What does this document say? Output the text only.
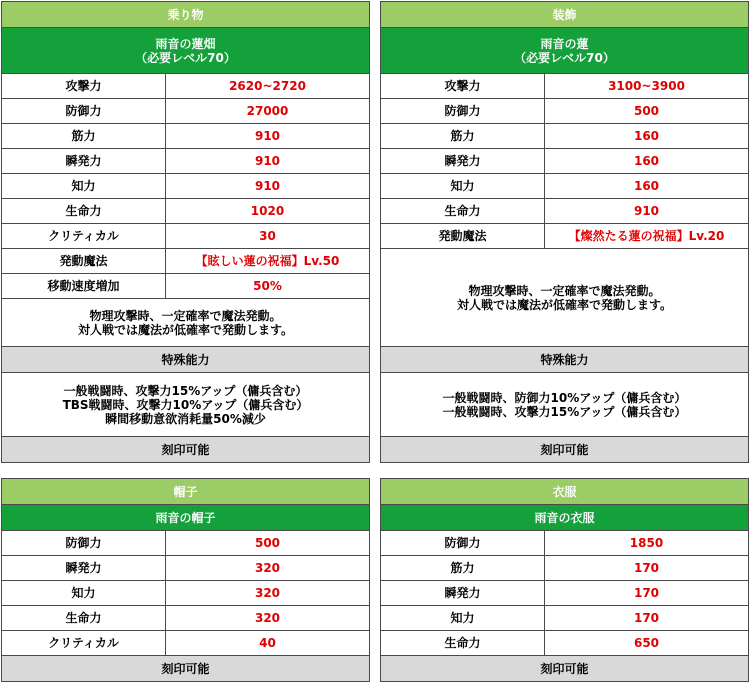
乗り物	

雨音の蓮畑
（必要レベル70）	

攻撃力	2620~2720
防御力	27000
筋力	910
瞬発力	910
知力	910
生命力	1020
クリティカル	30
発動魔法	【眩しい蓮の祝福】Lv.50
移動速度増加	50%

物理攻撃時、一定確率で魔法発動。
対人戦では魔法が低確率で発動します。	

特殊能力	

一般戦闘時、攻撃力15%アップ（傭兵含む）
TBS戦闘時、攻撃力10%アップ（傭兵含む）
瞬間移動意欲消耗量50%減少	

刻印可能	
装飾	

雨音の蓮
（必要レベル70）	

攻撃力	3100~3900
防御力	500
筋力	160
瞬発力	160
知力	160
生命力	910
発動魔法	【燦然たる蓮の祝福】Lv.20

物理攻撃時、一定確率で魔法発動。
対人戦では魔法が低確率で発動します。	

特殊能力	

一般戦闘時、防御力10%アップ（傭兵含む）
一般戦闘時、攻撃力15%アップ（傭兵含む）	

刻印可能	
帽子	
雨音の帽子	
防御力	500
瞬発力	320
知力	320
生命力	320
クリティカル	40
刻印可能	
衣服	
雨音の衣服	
防御力	1850
筋力	170
瞬発力	170
知力	170
生命力	650
刻印可能	
